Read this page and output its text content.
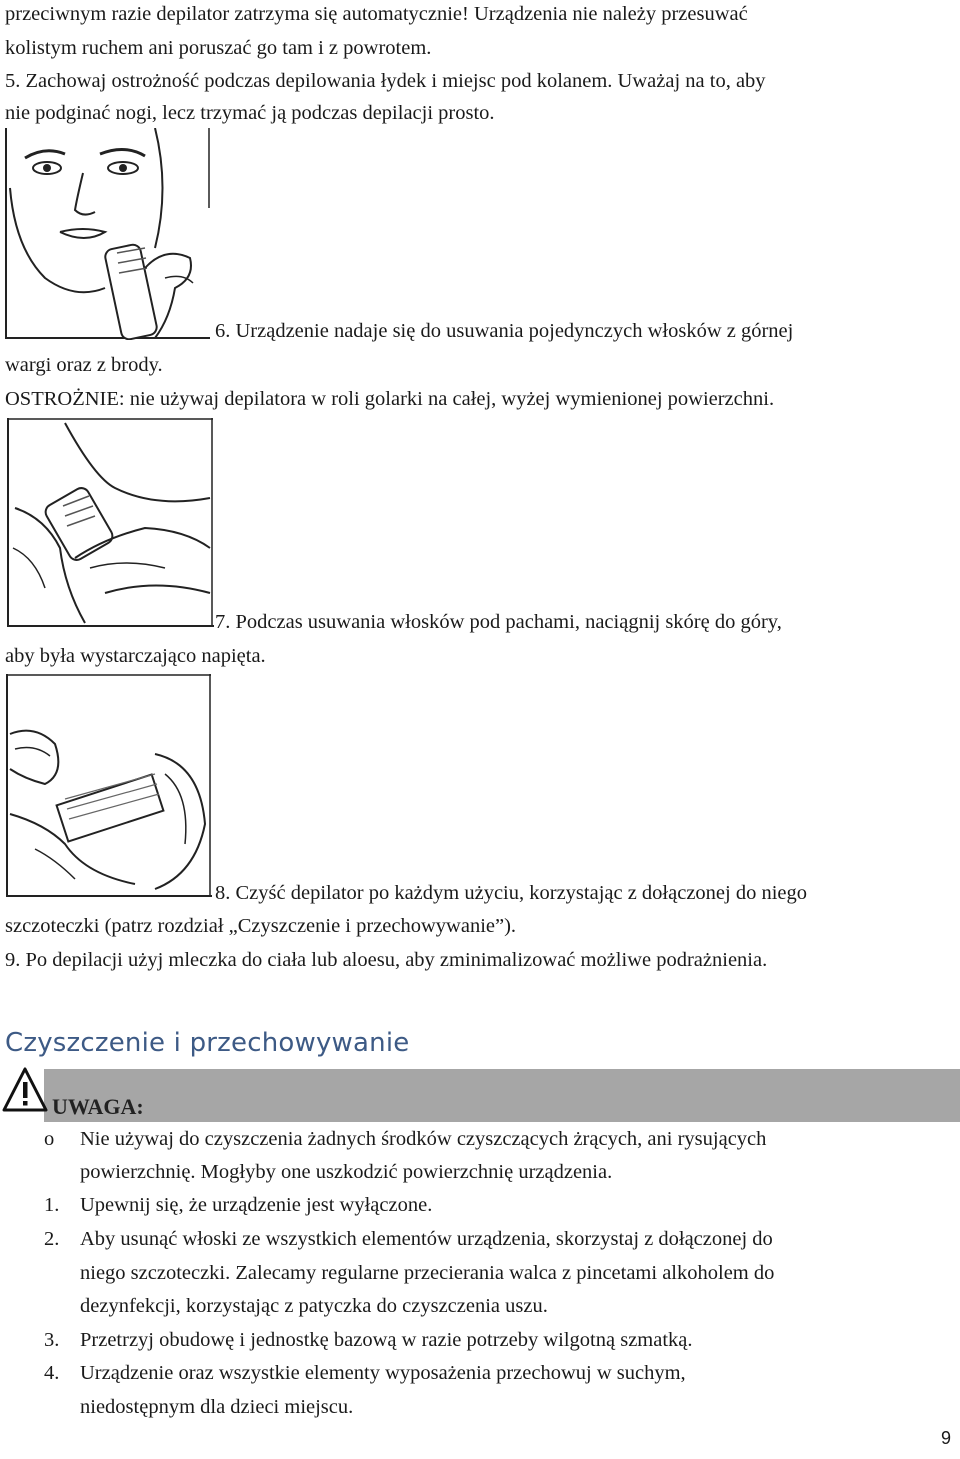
przeciwnym razie depilator zatrzyma się automatycznie! Urządzenia nie należy przesuwać
kolistym ruchem ani poruszać go tam i z powrotem.
5. Zachowaj ostrożność podczas depilowania łydek i miejsc pod kolanem. Uważaj na to, aby
nie podginać nogi, lecz trzymać ją podczas depilacji prosto.
6. Urządzenie nadaje się do usuwania pojedynczych włosków z górnej
wargi oraz z brody.
OSTROŻNIE: nie używaj depilatora w roli golarki na całej, wyżej wymienionej powierzchni.
7. Podczas usuwania włosków pod pachami, naciągnij skórę do góry,
aby była wystarczająco napięta.
8. Czyść depilator po każdym użyciu, korzystając z dołączonej do niego
szczoteczki (patrz rozdział „Czyszczenie i przechowywanie”).
9. Po depilacji użyj mleczka do ciała lub aloesu, aby zminimalizować możliwe podrażnienia.
Czyszczenie i przechowywanie
UWAGA:
o Nie używaj do czyszczenia żadnych środków czyszczących żrących, ani rysujących
powierzchnię. Mogłyby one uszkodzić powierzchnię urządzenia.
1. Upewnij się, że urządzenie jest wyłączone.
2. Aby usunąć włoski ze wszystkich elementów urządzenia, skorzystaj z dołączonej do
niego szczoteczki. Zalecamy regularne przecierania walca z pincetami alkoholem do
dezynfekcji, korzystając z patyczka do czyszczenia uszu.
3. Przetrzyj obudowę i jednostkę bazową w razie potrzeby wilgotną szmatką.
4. Urządzenie oraz wszystkie elementy wyposażenia przechowuj w suchym,
niedostępnym dla dzieci miejscu.
9
